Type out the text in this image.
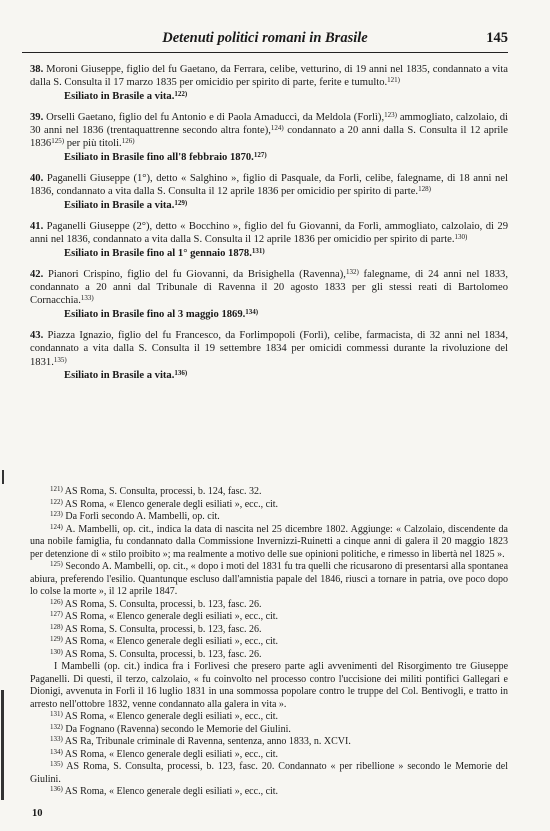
Detenuti politici romani in Brasile	145
38. Moroni Giuseppe, figlio del fu Gaetano, da Ferrara, celibe, vetturino, di 19 anni nel 1835, condannato a vita dalla S. Consulta il 17 marzo 1835 per omicidio per spirito di parte, ferite e tumulto.$^{121)}$
Esiliato in Brasile a vita.$^{122)}$
39. Orselli Gaetano, figlio del fu Antonio e di Paola Amaduccì, da Meldola (Forlì),$^{123)}$ ammogliato, calzolaio, di 30 anni nel 1836 (trentaquattrenne secondo altra fonte),$^{124)}$ condannato a 20 anni dalla S. Consulta il 12 aprile 1836$^{125)}$ per più titoli.$^{126)}$
Esiliato in Brasile fino all'8 febbraio 1870.$^{127)}$
40. Paganelli Giuseppe (1°), detto « Salghino », figlio di Pasquale, da Forlì, celibe, falegname, di 18 anni nel 1836, condannato a vita dalla S. Consulta il 12 aprile 1836 per omicidio per spirito di parte.$^{128)}$
Esiliato in Brasile a vita.$^{129)}$
41. Paganelli Giuseppe (2°), detto « Bocchino », figlio del fu Giovanni, da Forlì, ammogliato, calzolaio, di 29 anni nel 1836, condannato a vita dalla S. Consulta il 12 aprile 1836 per omicidio per spirito di parte.$^{130)}$
Esiliato in Brasile fino al 1° gennaio 1878.$^{131)}$
42. Pianori Crispino, figlio del fu Giovanni, da Brisighella (Ravenna),$^{132)}$ falegname, di 24 anni nel 1833, condannato a 20 anni dal Tribunale di Ravenna il 20 agosto 1833 per gli stessi reati di Bartolomeo Cornacchia.$^{133)}$
Esiliato in Brasile fino al 3 maggio 1869.$^{134)}$
43. Piazza Ignazio, figlio del fu Francesco, da Forlimpopoli (Forlì), celibe, farmacista, di 32 anni nel 1834, condannato a vita dalla S. Consulta il 19 settembre 1834 per omicidi commessi durante la rivoluzione del 1831.$^{135)}$
Esiliato in Brasile a vita.$^{136)}$
$^{121)}$ AS Roma, S. Consulta, processi, b. 124, fasc. 32.
$^{122)}$ AS Roma, « Elenco generale degli esiliati », ecc., cit.
$^{123)}$ Da Forlì secondo A. Mambelli, op. cit.
$^{124)}$ A. Mambelli, op. cit., indica la data di nascita nel 25 dicembre 1802. Aggiunge: « Calzolaio, discendente da una nobile famiglia, fu condannato dalla Commissione Invernizzi-Ruinetti a cinque anni di galera il 20 maggio 1823 per detenzione di « stilo proibito »; ma realmente a motivo delle sue opinioni politiche, e rimesso in libertà nel 1825 ».
$^{125)}$ Secondo A. Mambelli, op. cit., « dopo i moti del 1831 fu tra quelli che ricusarono di presentarsi alla spontanea abiura, preferendo l'esilio. Quantunque escluso dall'amnistia papale del 1846, riuscì a tornare in patria, ove poco dopo lo colse la morte », il 12 aprile 1847.
$^{126)}$ AS Roma, S. Consulta, processi, b. 123, fasc. 26.
$^{127)}$ AS Roma, « Elenco generale degli esiliati », ecc., cit.
$^{128)}$ AS Roma, S. Consulta, processi, b. 123, fasc. 26.
$^{129)}$ AS Roma, « Elenco generale degli esiliati », ecc., cit.
$^{130)}$ AS Roma, S. Consulta, processi, b. 123, fasc. 26.
I Mambelli (op. cit.) indica fra i Forlivesi che presero parte agli avvenimenti del Risorgimento tre Giuseppe Paganelli. Di questi, il terzo, calzolaio, « fu coinvolto nel processo contro l'uccisione dei militi pontifici Gallegari e Dionigi, avvenuta in Forlì il 16 luglio 1831 in una sommossa popolare contro le truppe del Col. Bentivogli, e tratto in arresto nell'ottobre 1832, venne condannato alla galera in vita ».
$^{131)}$ AS Roma, « Elenco generale degli esiliati », ecc., cit.
$^{132)}$ Da Fognano (Ravenna) secondo le Memorie del Giulini.
$^{133)}$ AS Ra, Tribunale criminale di Ravenna, sentenza, anno 1833, n. XCVI.
$^{134)}$ AS Roma, « Elenco generale degli esiliati », ecc., cit.
$^{135)}$ AS Roma, S. Consulta, processi, b. 123, fasc. 20. Condannato « per ribellione » secondo le Memorie del Giulini.
$^{136)}$ AS Roma, « Elenco generale degli esiliati », ecc., cit.
10
